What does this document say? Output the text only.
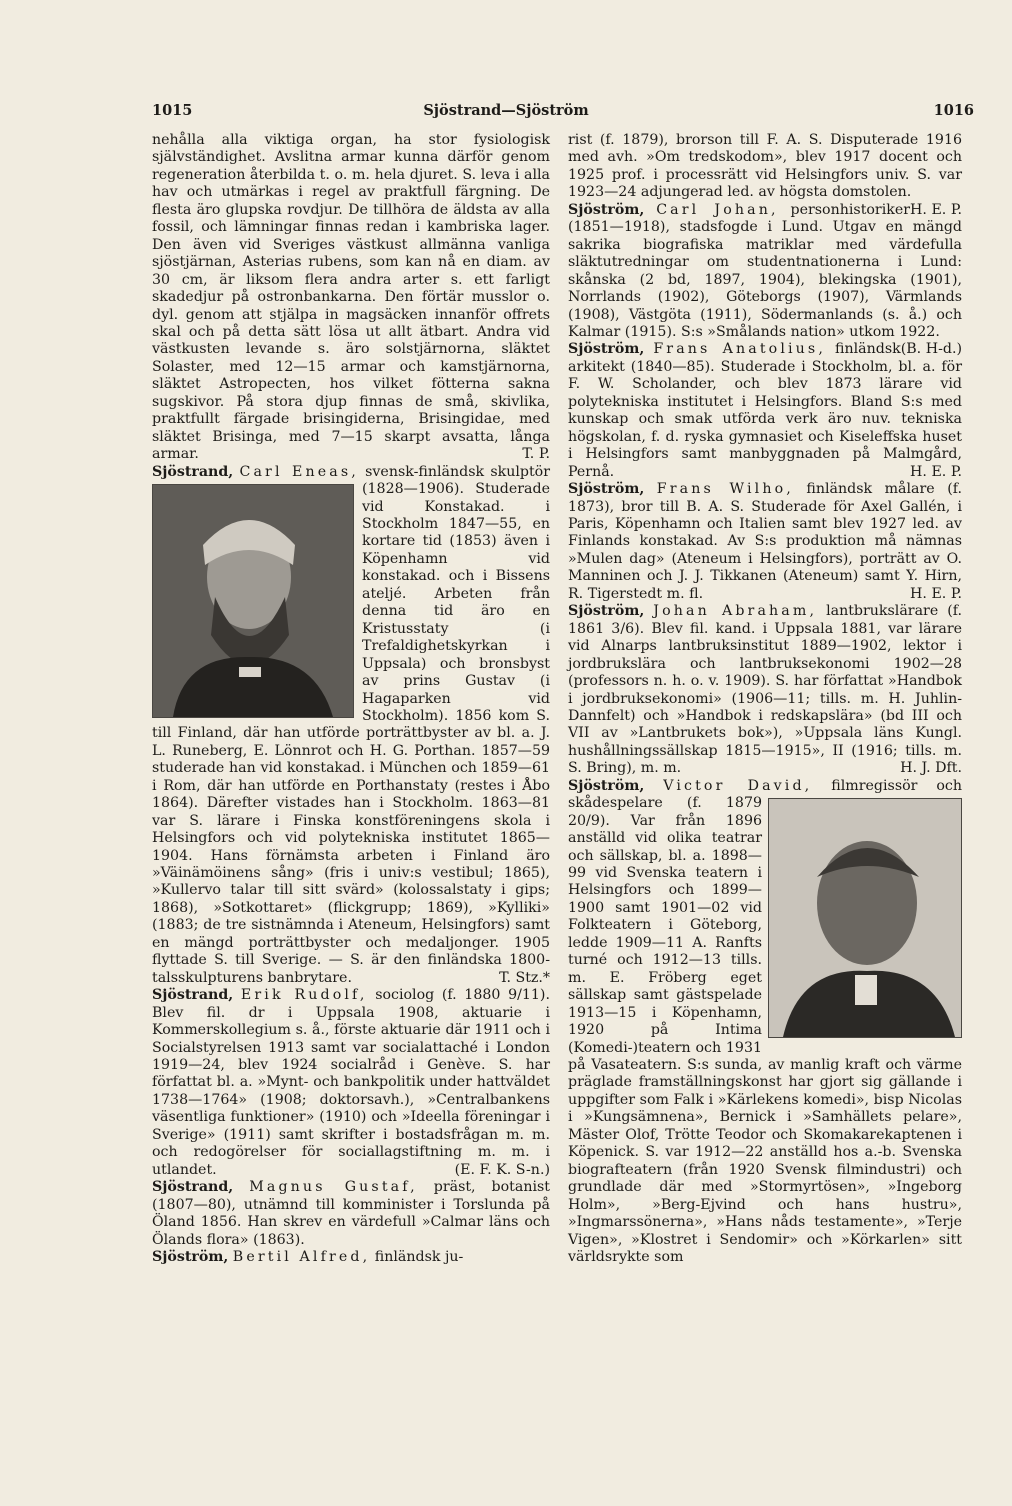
1015	Sjöstrand—Sjöström	1016

nehålla alla viktiga organ, ha stor fysiologisk självständighet. Avslitna armar kunna därför genom regeneration återbilda t. o. m. hela djuret. S. leva i alla hav och utmärkas i regel av praktfull färgning. De flesta äro glupska rovdjur. De tillhöra de äldsta av alla fossil, och lämningar finnas redan i kambriska lager. Den även vid Sveriges västkust allmänna vanliga sjöstjärnan, Asterias rubens, som kan nå en diam. av 30 cm, är liksom flera andra arter s. ett farligt skadedjur på ostronbankarna. Den förtär musslor o. dyl. genom att stjälpa in magsäcken innanför offrets skal och på detta sätt lösa ut allt ätbart. Andra vid västkusten levande s. äro solstjärnorna, släktet Solaster, med 12—15 armar och kamstjärnorna, släktet Astropecten, hos vilket fötterna sakna sugskivor. På stora djup finnas de små, skivlika, praktfullt färgade brisingiderna, Brisingidae, med släktet Brisinga, med 7—15 skarpt avsatta, långa armar.	T. P.

Sjöstrand, Carl Eneas, svensk-finländsk skulptör (1828—1906). Studerade vid Konstakad. i Stockholm 1847—55, en kortare tid (1853) även i Köpenhamn vid konstakad. och i Bissens ateljé. Arbeten från denna tid äro en Kristusstaty (i Trefaldighetskyrkan i Uppsala) och bronsbyst av prins Gustav (i Hagaparken vid Stockholm). 1856 kom S. till Finland, där han utförde porträttbyster av bl. a. J. L. Runeberg, E. Lönnrot och H. G. Porthan. 1857—59 studerade han vid konstakad. i München och 1859—61 i Rom, där han utförde en Porthanstaty (restes i Åbo 1864). Därefter vistades han i Stockholm. 1863—81 var S. lärare i Finska konstföreningens skola i Helsingfors och vid polytekniska institutet 1865—1904. Hans förnämsta arbeten i Finland äro »Väinämöinens sång» (fris i univ:s vestibul; 1865), »Kullervo talar till sitt svärd» (kolossalstaty i gips; 1868), »Sotkottaret» (flickgrupp; 1869), »Kylliki» (1883; de tre sistnämnda i Ateneum, Helsingfors) samt en mängd porträttbyster och medaljonger. 1905 flyttade S. till Sverige. — S. är den finländska 1800-talsskulpturens banbrytare.	T. Stz.*

Sjöstrand, Erik Rudolf, sociolog (f. 1880 9/11). Blev fil. dr i Uppsala 1908, aktuarie i Kommerskollegium s. å., förste aktuarie där 1911 och i Socialstyrelsen 1913 samt var socialattaché i London 1919—24, blev 1924 socialråd i Genève. S. har författat bl. a. »Mynt- och bankpolitik under hattväldet 1738—1764» (1908; doktorsavh.), »Centralbankens väsentliga funktioner» (1910) och »Ideella föreningar i Sverige» (1911) samt skrifter i bostadsfrågan m. m. och redogörelser för sociallagstiftning m. m. i utlandet.	(E. F. K. S-n.)

Sjöstrand, Magnus Gustaf, präst, botanist (1807—80), utnämnd till komminister i Torslunda på Öland 1856. Han skrev en värdefull »Calmar läns och Ölands flora» (1863).

Sjöström, Bertil Alfred, finländsk ju-

rist (f. 1879), brorson till F. A. S. Disputerade 1916 med avh. »Om tredskodom», blev 1917 docent och 1925 prof. i processrätt vid Helsingfors univ. S. var 1923—24 adjungerad led. av högsta domstolen.
H. E. P.

Sjöström, Carl Johan, personhistoriker (1851—1918), stadsfogde i Lund. Utgav en mängd sakrika biografiska matriklar med värdefulla släktutredningar om studentnationerna i Lund: skånska (2 bd, 1897, 1904), blekingska (1901), Norrlands (1902), Göteborgs (1907), Värmlands (1908), Västgöta (1911), Södermanlands (s. å.) och Kalmar (1915). S:s »Smålands nation» utkom 1922.
(B. H-d.)

Sjöström, Frans Anatolius, finländsk arkitekt (1840—85). Studerade i Stockholm, bl. a. för F. W. Scholander, och blev 1873 lärare vid polytekniska institutet i Helsingfors. Bland S:s med kunskap och smak utförda verk äro nuv. tekniska högskolan, f. d. ryska gymnasiet och Kiseleffska huset i Helsingfors samt manbyggnaden på Malmgård, Pernå.	H. E. P.

Sjöström, Frans Wilho, finländsk målare (f. 1873), bror till B. A. S. Studerade för Axel Gallén, i Paris, Köpenhamn och Italien samt blev 1927 led. av Finlands konstakad. Av S:s produktion må nämnas »Mulen dag» (Ateneum i Helsingfors), porträtt av O. Manninen och J. J. Tikkanen (Ateneum) samt Y. Hirn, R. Tigerstedt m. fl.	H. E. P.

Sjöström, Johan Abraham, lantbrukslärare (f. 1861 3/6). Blev fil. kand. i Uppsala 1881, var lärare vid Alnarps lantbruksinstitut 1889—1902, lektor i jordbrukslära och lantbruksekonomi 1902—28 (professors n. h. o. v. 1909). S. har författat »Handbok i jordbruksekonomi» (1906—11; tills. m. H. Juhlin-Dannfelt) och »Handbok i redskapslära» (bd III och VII av »Lantbrukets bok»), »Uppsala läns Kungl. hushållningssällskap 1815—1915», II (1916; tills. m. S. Bring), m. m.	H. J. Dft.

Sjöström, Victor David, filmregissör och skådespelare (f. 1879 20/9). Var från 1896 anställd vid olika teatrar och sällskap, bl. a. 1898—99 vid Svenska teatern i Helsingfors och 1899—1900 samt 1901—02 vid Folkteatern i Göteborg, ledde 1909—11 A. Ranfts turné och 1912—13 tills. m. E. Fröberg eget sällskap samt gästspelade 1913—15 i Köpenhamn, 1920 på Intima (Komedi-)teatern och 1931 på Vasateatern. S:s sunda, av manlig kraft och värme präglade framställningskonst har gjort sig gällande i uppgifter som Falk i »Kärlekens komedi», bisp Nicolas i »Kungsämnena», Bernick i »Samhällets pelare», Mäster Olof, Trötte Teodor och Skomakarekaptenen i Köpenick. S. var 1912—22 anställd hos a.-b. Svenska biografteatern (från 1920 Svensk filmindustri) och grundlade där med »Stormyrtösen», »Ingeborg Holm», »Berg-Ejvind och hans hustru», »Ingmarssönerna», »Hans nåds testamente», »Terje Vigen», »Klostret i Sendomir» och »Körkarlen» sitt världsrykte som
